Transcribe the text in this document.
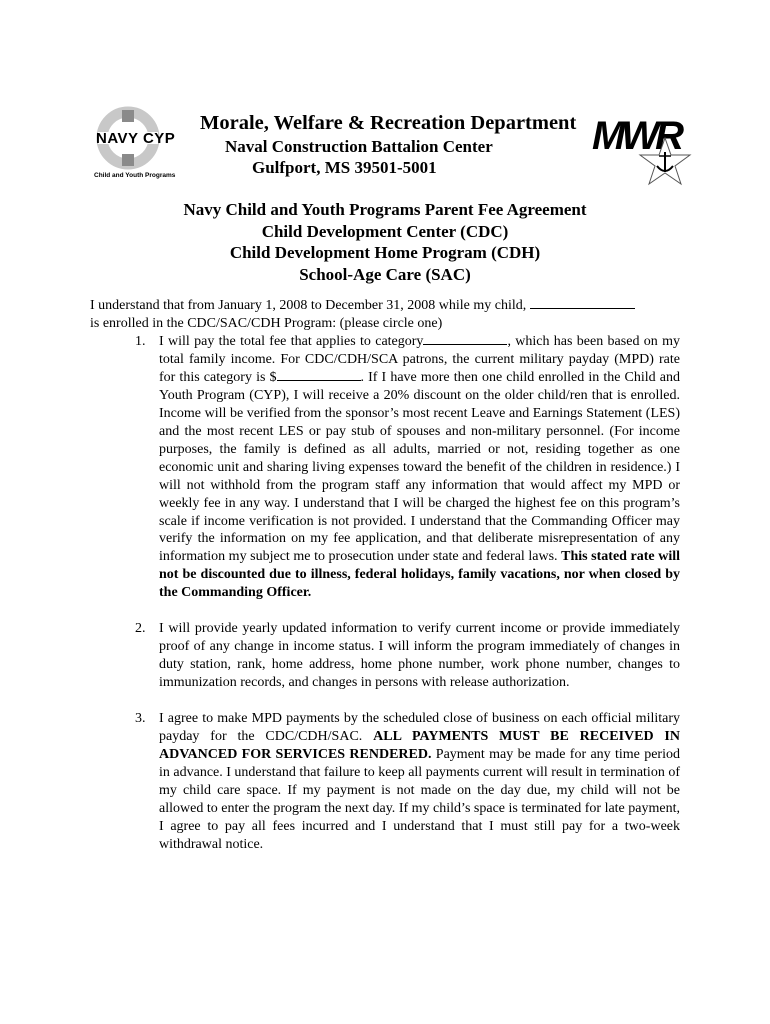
NAVY CYP
Child and Youth Programs
MWR
Morale, Welfare & Recreation Department
Naval Construction Battalion Center
Gulfport, MS 39501-5001
Navy Child and Youth Programs Parent Fee Agreement
Child Development Center (CDC)
Child Development Home Program (CDH)
School-Age Care (SAC)
I understand that from January 1, 2008 to December 31, 2008 while my child,
is enrolled in the CDC/SAC/CDH Program: (please circle one)
1. I will pay the total fee that applies to category	, which has been based on my total family income. For CDC/CDH/SCA patrons, the current military payday (MPD) rate for this category is $	. If I have more then one child enrolled in the Child and Youth Program (CYP), I will receive a 20% discount on the older child/ren that is enrolled. Income will be verified from the sponsor’s most recent Leave and Earnings Statement (LES) and the most recent LES or pay stub of spouses and non-military personnel. (For income purposes, the family is defined as all adults, married or not, residing together as one economic unit and sharing living expenses toward the benefit of the children in residence.) I will not withhold from the program staff any information that would affect my MPD or weekly fee in any way. I understand that I will be charged the highest fee on this program’s scale if income verification is not provided. I understand that the Commanding Officer may verify the information on my fee application, and that deliberate misrepresentation of any information my subject me to prosecution under state and federal laws. This stated rate will not be discounted due to illness, federal holidays, family vacations, nor when closed by the Commanding Officer.
2. I will provide yearly updated information to verify current income or provide immediately proof of any change in income status. I will inform the program immediately of changes in duty station, rank, home address, home phone number, work phone number, changes to immunization records, and changes in persons with release authorization.
3. I agree to make MPD payments by the scheduled close of business on each official military payday for the CDC/CDH/SAC. ALL PAYMENTS MUST BE RECEIVED IN ADVANCED FOR SERVICES RENDERED. Payment may be made for any time period in advance. I understand that failure to keep all payments current will result in termination of my child care space. If my payment is not made on the day due, my child will not be allowed to enter the program the next day. If my child’s space is terminated for late payment, I agree to pay all fees incurred and I understand that I must still pay for a two-week withdrawal notice.
